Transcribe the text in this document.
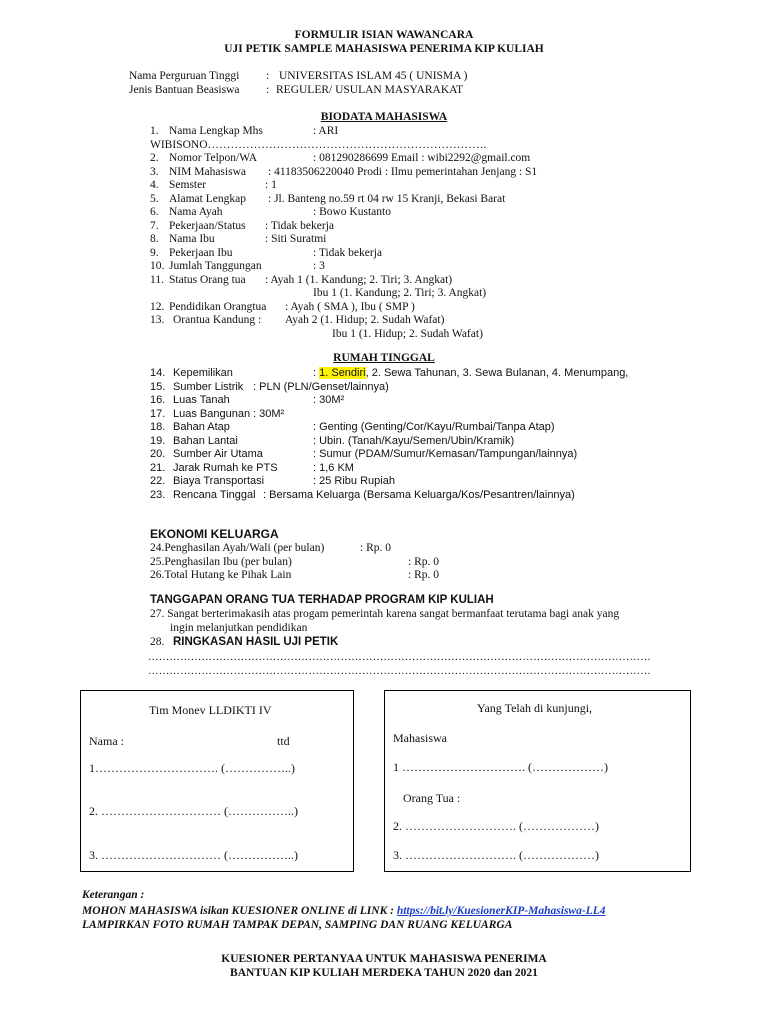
FORMULIR ISIAN WAWANCARA
UJI PETIK SAMPLE MAHASISWA PENERIMA KIP KULIAH
Nama Perguruan Tinggi : UNIVERSITAS ISLAM 45 ( UNISMA )
Jenis Bantuan Beasiswa : REGULER/ USULAN MASYARAKAT
BIODATA MAHASISWA
1. Nama Lengkap Mhs	: ARI
WIBISONO……………………………………………………………….
2. Nomor Telpon/WA	: 081290286699 Email : wibi2292@gmail.com
3. NIM Mahasiswa : 41183506220040 Prodi : Ilmu pemerintahan Jenjang : S1
4. Semster	: 1
5. Alamat Lengkap : Jl. Banteng no.59 rt 04 rw 15 Kranji, Bekasi Barat
6. Nama Ayah	: Bowo Kustanto
7. Pekerjaan/Status : Tidak bekerja
8. Nama Ibu	: Siti Suratmi
9. Pekerjaan Ibu	: Tidak bekerja
10. Jumlah Tanggungan	: 3
11. Status Orang tua : Ayah 1 (1. Kandung; 2. Tiri; 3. Angkat)
Ibu 1 (1. Kandung; 2. Tiri; 3. Angkat)
12. Pendidikan Orangtua : Ayah ( SMA ), Ibu ( SMP )
13. Orantua Kandung : Ayah 2 (1. Hidup; 2. Sudah Wafat)
Ibu 1 (1. Hidup; 2. Sudah Wafat)
RUMAH TINGGAL
14. Kepemilikan	: 1. Sendiri, 2. Sewa Tahunan, 3. Sewa Bulanan, 4. Menumpang,
15. Sumber Listrik : PLN (PLN/Genset/lainnya)
16. Luas Tanah	: 30M²
17. Luas Bangunan : 30M²
18. Bahan Atap	: Genting (Genting/Cor/Kayu/Rumbai/Tanpa Atap)
19. Bahan Lantai	: Ubin. (Tanah/Kayu/Semen/Ubin/Kramik)
20. Sumber Air Utama	: Sumur (PDAM/Sumur/Kemasan/Tampungan/lainnya)
21. Jarak Rumah ke PTS	: 1,6 KM
22. Biaya Transportasi	: 25 Ribu Rupiah
23. Rencana Tinggal : Bersama Keluarga (Bersama Keluarga/Kos/Pesantren/lainnya)
EKONOMI KELUARGA
24.Penghasilan Ayah/Wali (per bulan)	: Rp. 0
25.Penghasilan Ibu (per bulan)	: Rp. 0
26.Total Hutang ke Pihak Lain	: Rp. 0
TANGGAPAN ORANG TUA TERHADAP PROGRAM KIP KULIAH
27. Sangat berterimakasih atas progam pemerintah karena sangat bermanfaat terutama bagi anak yang
ingin melanjutkan pendidikan
28. RINGKASAN HASIL UJI PETIK
……………………………………………………………………………………………………………………………
……………………………………………………………………………………………………………………………
Tim Monev LLDIKTI IV
Nama :	ttd
1…………………………. (……………..)
2. ………………………… (……………..)
3. ………………………… (……………..)
Yang Telah di kunjungi,
Mahasiswa
1 …………………………. (………………)
Orang Tua :
2. ………………………. (………………)
3. ………………………. (………………)
Keterangan :
MOHON MAHASISWA isikan KUESIONER ONLINE di LINK : https://bit.ly/KuesionerKIP-Mahasiswa-LL4
LAMPIRKAN FOTO RUMAH TAMPAK DEPAN, SAMPING DAN RUANG KELUARGA
KUESIONER PERTANYAA UNTUK MAHASISWA PENERIMA
BANTUAN KIP KULIAH MERDEKA TAHUN 2020 dan 2021
